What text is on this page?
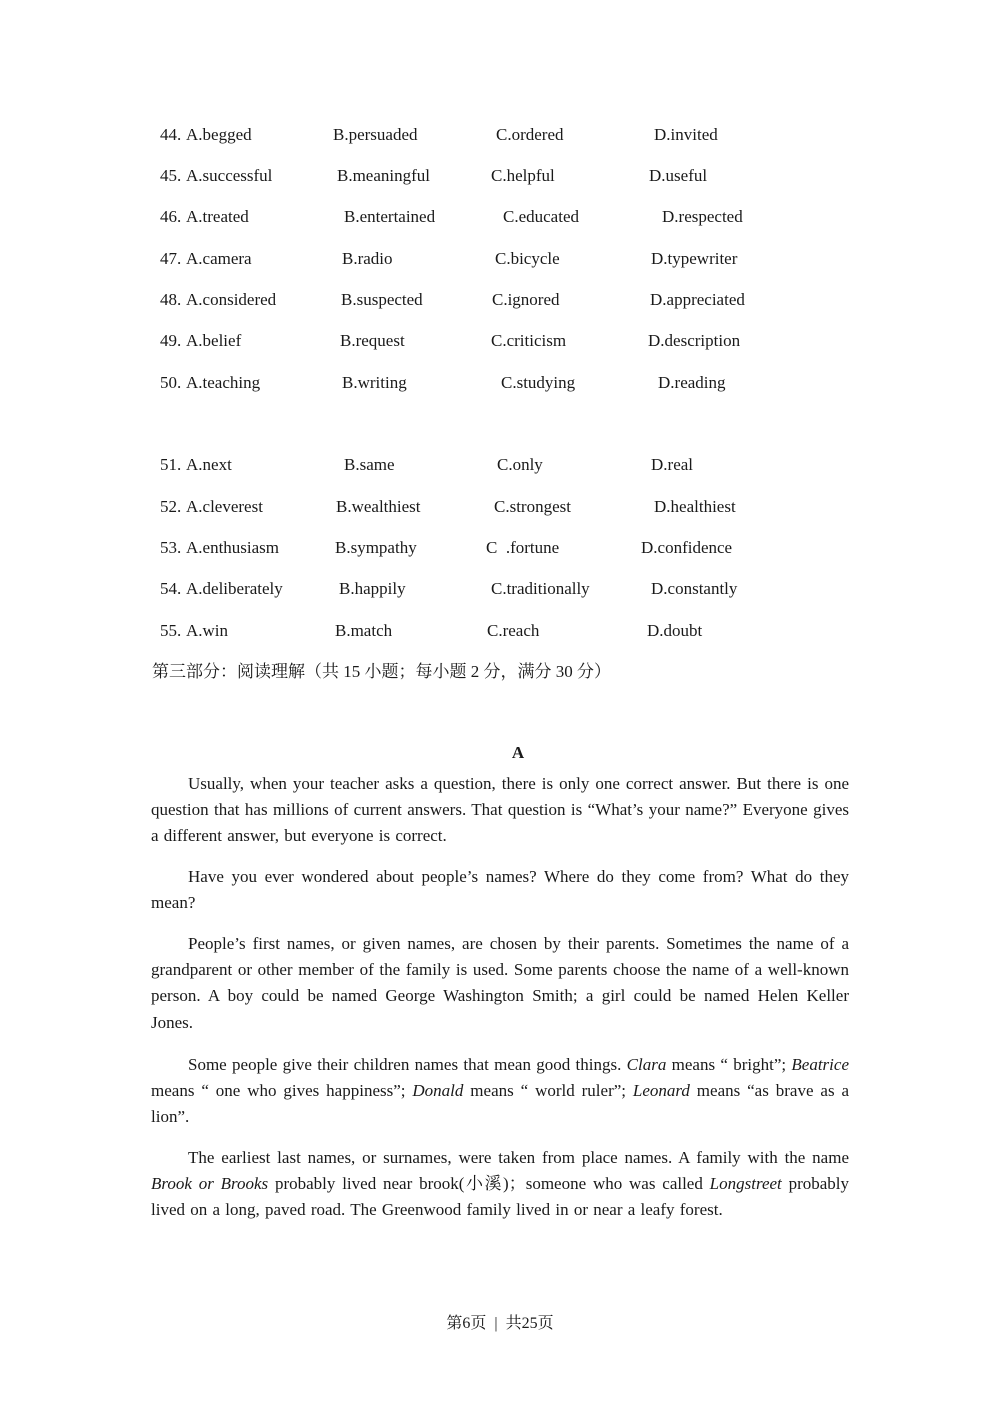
44. A.begged	B.persuaded	C.ordered	D.invited
45. A.successful	B.meaningful	C.helpful	D.useful
46. A.treated	B.entertained	C.educated	D.respected
47. A.camera	B.radio	C.bicycle	D.typewriter
48. A.considered	B.suspected	C.ignored	D.appreciated
49. A.belief	B.request	C.criticism	D.description
50. A.teaching	B.writing	C.studying	D.reading
51. A.next	B.same	C.only	D.real
52. A.cleverest	B.wealthiest	C.strongest	D.healthiest
53. A.enthusiasm	B.sympathy	C  .fortune	D.confidence
54. A.deliberately	B.happily	C.traditionally	D.constantly
55. A.win	B.match	C.reach	D.doubt
第三部分：阅读理解（共 15 小题；每小题 2 分，满分 30 分）
A

Usually, when your teacher asks a question, there is only one correct answer. But there is one question that has millions of current answers. That question is “What’s your name?” Everyone gives a different answer, but everyone is correct.

Have you ever wondered about people’s names? Where do they come from? What do they mean?

People’s first names, or given names, are chosen by their parents. Sometimes the name of a grandparent or other member of the family is used. Some parents choose the name of a well-known person. A boy could be named George Washington Smith; a girl could be named Helen Keller Jones.

Some people give their children names that mean good things. Clara means “ bright”; Beatrice means “ one who gives happiness”; Donald means “ world ruler”; Leonard means “as brave as a lion”.

The earliest last names, or surnames, were taken from place names. A family with the name Brook or Brooks probably lived near brook(小溪)；someone who was called Longstreet probably lived on a long, paved road. The Greenwood family lived in or near a leafy forest.

第6页 | 共25页
